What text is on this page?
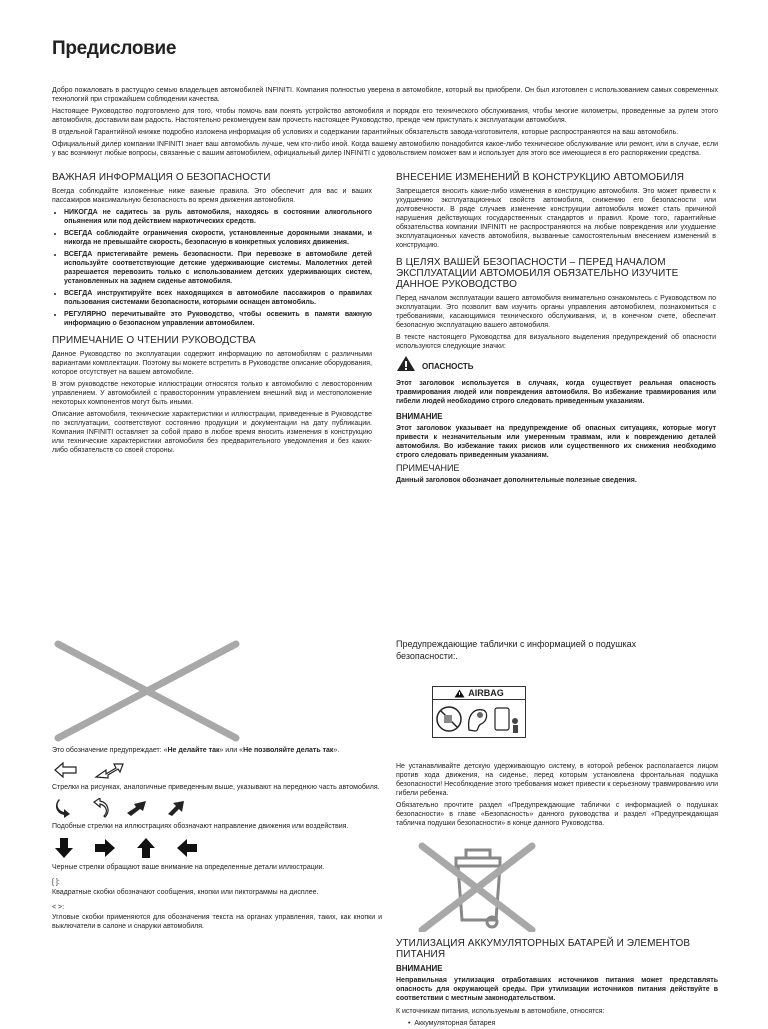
Предисловие

Добро пожаловать в растущую семью владельцев автомобилей INFINITI. Компания полностью уверена в автомобиле, который вы приобрели. Он был изготовлен с использованием самых современных технологий при строжайшем соблюдении качества.

Настоящее Руководство подготовлено для того, чтобы помочь вам понять устройство автомобиля и порядок его технического обслуживания, чтобы многие километры, проведенные за рулем этого автомобиля, доставили вам радость. Настоятельно рекомендуем вам прочесть настоящее Руководство, прежде чем приступать к эксплуатации автомобиля.

В отдельной Гарантийной книжке подробно изложена информация об условиях и содержании гарантийных обязательств завода-изготовителя, которые распространяются на ваш автомобиль.

Официальный дилер компании INFINITI знает ваш автомобиль лучше, чем кто-либо иной. Когда вашему автомобилю понадобится какое-либо техническое обслуживание или ремонт, или в случае, если у вас возникнут любые вопросы, связанные с вашим автомобилем, официальный дилер INFINITI с удовольствием поможет вам и использует для этого все имеющиеся в его распоряжении средства.

ВАЖНАЯ ИНФОРМАЦИЯ О БЕЗОПАСНОСТИ

Всегда соблюдайте изложенные ниже важные правила. Это обеспечит для вас и ваших пассажиров максимальную безопасность во время движения автомобиля.

• НИКОГДА не садитесь за руль автомобиля, находясь в состоянии алкогольного опьянения или под действием наркотических средств.
• ВСЕГДА соблюдайте ограничения скорости, установленные дорожными знаками, и никогда не превышайте скорость, безопасную в конкретных условиях движения.
• ВСЕГДА пристегивайте ремень безопасности. При перевозке в автомобиле детей используйте соответствующие детские удерживающие системы. Малолетних детей разрешается перевозить только с использованием детских удерживающих систем, установленных на заднем сиденье автомобиля.
• ВСЕГДА инструктируйте всех находящихся в автомобиле пассажиров о правилах пользования системами безопасности, которыми оснащен автомобиль.
• РЕГУЛЯРНО перечитывайте это Руководство, чтобы освежить в памяти важную информацию о безопасном управлении автомобилем.
ПРИМЕЧАНИЕ О ЧТЕНИИ РУКОВОДСТВА

Данное Руководство по эксплуатации содержит информацию по автомобилям с различными вариантами комплектации. Поэтому вы можете встретить в Руководстве описание оборудования, которое отсутствует на вашем автомобиле.

В этом руководстве некоторые иллюстрации относятся только к автомобилю с левосторонним управлением. У автомобилей с правосторонним управлением внешний вид и местоположение некоторых компонентов могут быть иными.

Описание автомобиля, технические характеристики и иллюстрации, приведенные в Руководстве по эксплуатации, соответствуют состоянию продукции и документации на дату публикации. Компания INFINITI оставляет за собой право в любое время вносить изменения в конструкцию или технические характеристики автомобиля без предварительного уведомления и без каких-либо обязательств со своей стороны.

ВНЕСЕНИЕ ИЗМЕНЕНИЙ В КОНСТРУКЦИЮ АВТОМОБИЛЯ

Запрещается вносить какие-либо изменения в конструкцию автомобиля. Это может привести к ухудшению эксплуатационных свойств автомобиля, снижению его безопасности или долговечности. В ряде случаев изменение конструкции автомобиля может стать причиной нарушения действующих государственных стандартов и правил. Кроме того, гарантийные обязательства компании INFINITI не распространяются на любые повреждения или ухудшение эксплуатационных качеств автомобиля, вызванные самостоятельным внесением изменений в конструкцию.

В ЦЕЛЯХ ВАШЕЙ БЕЗОПАСНОСТИ – ПЕРЕД НАЧАЛОМ ЭКСПЛУАТАЦИИ АВТОМОБИЛЯ ОБЯЗАТЕЛЬНО ИЗУЧИТЕ ДАННОЕ РУКОВОДСТВО

Перед началом эксплуатации вашего автомобиля внимательно ознакомьтесь с Руководством по эксплуатации. Это позволит вам изучить органы управления автомобилем, познакомиться с требованиями, касающимися технического обслуживания, и, в конечном счете, обеспечит безопасную эксплуатацию вашего автомобиля.

В тексте настоящего Руководства для визуального выделения предупреждений об опасности используются следующие значки:

ОПАСНОСТЬ

Этот заголовок используется в случаях, когда существует реальная опасность травмирования людей или повреждения автомобиля. Во избежание травмирования или гибели людей необходимо строго следовать приведенным указаниям.

ВНИМАНИЕ

Этот заголовок указывает на предупреждение об опасных ситуациях, которые могут привести к незначительным или умеренным травмам, или к повреждению деталей автомобиля. Во избежание таких рисков или существенного их снижения необходимо строго следовать приведенным указаниям.

ПРИМЕЧАНИЕ

Данный заголовок обозначает дополнительные полезные сведения.

Это обозначение предупреждает: «Не делайте так» или «Не позволяйте делать так».

Стрелки на рисунках, аналогичные приведенным выше, указывают на переднюю часть автомобиля.

Подобные стрелки на иллюстрациях обозначают направление движения или воздействия.

Черные стрелки обращают ваше внимание на определенные детали иллюстрации.

[ ]:

Квадратные скобки обозначают сообщения, кнопки или пиктограммы на дисплее.

< >:

Угловые скобки применяются для обозначения текста на органах управления, таких, как кнопки и выключатели в салоне и снаружи автомобиля.

Предупреждающие таблички с информацией о подушках безопасности:.

AIRBAG

Не устанавливайте детскую удерживающую систему, в которой ребенок располагается лицом против хода движения, на сиденье, перед которым установлена фронтальная подушка безопасности! Несоблюдение этого требования может привести к серьезному травмированию или гибели ребенка.

Обязательно прочтите раздел «Предупреждающие таблички с информацией о подушках безопасности» в главе «Безопасность» данного руководства и раздел «Предупреждающая табличка подушки безопасности» в конце данного Руководства.

УТИЛИЗАЦИЯ АККУМУЛЯТОРНЫХ БАТАРЕЙ И ЭЛЕМЕНТОВ ПИТАНИЯ
ВНИМАНИЕ

Неправильная утилизация отработавших источников питания может представлять опасность для окружающей среды. При утилизации источников питания действуйте в соответствии с местным законодательством.

К источникам питания, используемым в автомобиле, относятся:

•  Аккумуляторная батарея
